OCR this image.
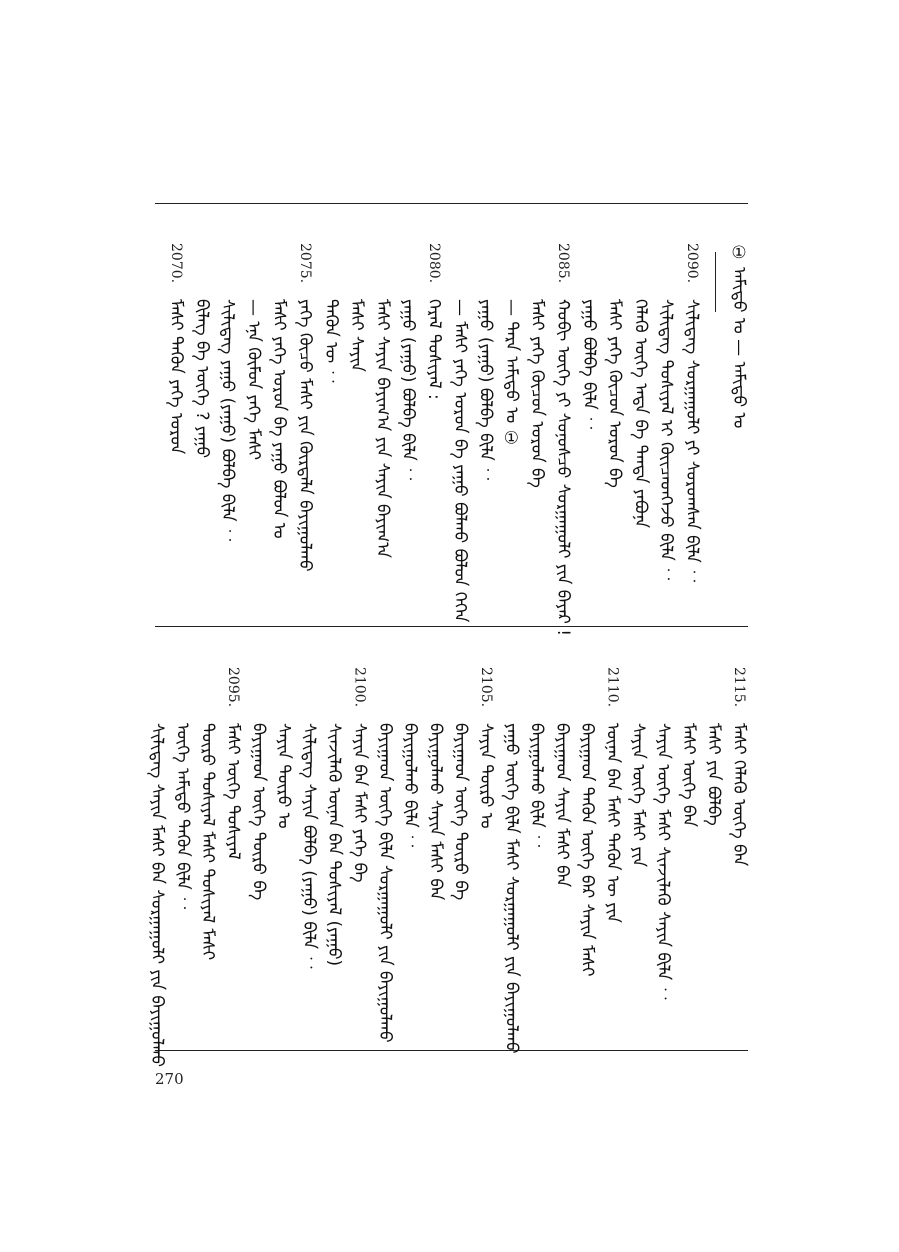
①
ᠠᠮᠢᠳᠤ ᠤ — ᠠᠮᠢᠳᠤ ᠤ
2090.
ᠰᠢᠯᠢᠳᠡᠭ ᠰᠤᠷᠭᠠᠭᠤᠯᠢ ᠶᠢ ᠰᠤᠷᠤᠭᠰᠠᠨ ᠪᠢᠯᠡ ︰
ᠰᠢᠯᠢᠳᠡᠭ ᠲᠤᠰᠢᠶᠠᠯ ᠢ ᠭᠦᠢᠴᠡᠳᠬᠡᠵᠦ ᠪᠢᠯᠡ ︰
ᠬᠡᠯᠡᠬᠦ ᠦᠭᠡ ᠡᠨᠳᠡ ᠪᠠ ᠲᠡᠨᠳᠡ ᠶᠠᠪᠤᠨᠠ
ᠮᠠᠰᠢ ᠶᠡᠬᠡ ᠬᠦᠴᠦᠨ ᠣᠷᠣᠨ ᠪᠠ
ᠶᠠᠭᠤ ᠪᠣᠯᠪᠠ ᠪᠢᠯᠡ ︰
2085.
ᠬᠤᠪᠢ ᠦᠭᠡ ᠶᠢ ᠰᠣᠨᠣᠰᠴᠤ ᠰᠤᠷᠭᠠᠭᠤᠯᠢ ᠶᠢᠨ ᠪᠠᠶᠠᠷ !
ᠮᠠᠰᠢ ᠶᠡᠬᠡ ᠬᠦᠴᠦᠨ ᠣᠷᠣᠨ ᠪᠠ
— ᠲᠡᠷᠡ ᠠᠮᠢᠳᠤ ᠤ ①
ᠶᠠᠭᠤ (ᠶᠠᠭᠤ) ᠪᠣᠯᠪᠠ ᠪᠢᠯᠡ ︰
— ᠮᠠᠰᠢ ᠶᠡᠬᠡ ᠣᠷᠣᠨ ᠪᠠ ᠶᠠᠭᠤ ᠪᠣᠯᠬᠤ ᠪᠣᠯᠤᠨ ᠭᠡᠭᠡᠨ
2080.
ᠭᠡᠷᠡᠯ ᠲᠤᠰᠢᠶᠠᠯ :
ᠶᠠᠭᠤ (ᠶᠠᠭᠤ) ᠪᠣᠯᠪᠠ ᠪᠢᠯᠡ ︰
ᠮᠠᠰᠢ ᠰᠠᠶᠢᠨ ᠪᠠᠶᠢᠭ᠎ᠠ ᠶᠢᠨ ᠰᠠᠶᠢᠨ ᠪᠠᠶᠢᠭ᠎ᠠ
ᠮᠠᠰᠢ ᠰᠠᠶᠢᠨ
ᠲᠡᠭᠦᠨ ᠦ ︰
2075.
ᠶᠡᠬᠡ ᠬᠦᠴᠦ ᠮᠠᠰᠢ ᠶᠢᠨ ᠬᠦᠷᠲᠡᠯᠡ ᠪᠠᠶᠢᠭᠤᠯᠬᠤ
ᠮᠠᠰᠢ ᠶᠡᠬᠡ ᠣᠷᠣᠨ ᠪᠠ ᠶᠠᠭᠤ ᠪᠣᠯᠤᠨ ᠤ
— ᠡᠨᠡ ᠬᠦᠮᠦᠨ ᠶᠡᠬᠡ ᠮᠠᠰᠢ
ᠰᠢᠯᠢᠳᠡᠭ ᠶᠠᠭᠤ (ᠶᠠᠭᠤ) ᠪᠣᠯᠪᠠ ᠪᠢᠯᠡ ︰
ᠪᠢᠯᠡᠭ ᠪᠡ ᠦᠭᠡ ? ᠶᠠᠭᠤ
2070.
ᠮᠠᠰᠢ ᠲᠡᠭᠦᠨ ᠶᠡᠬᠡ ᠣᠷᠣᠨ
2115.
ᠮᠠᠰᠢ ᠬᠡᠯᠡᠬᠦ ᠦᠭᠡ ᠪᠠᠨ
ᠮᠠᠰᠢ ᠶᠢᠨ ᠪᠣᠯᠪᠠ
ᠮᠠᠰᠢ ᠦᠭᠡ ᠪᠠᠨ
ᠰᠠᠶᠢᠨ ᠦᠭᠡ ᠮᠠᠰᠢ ᠰᠢᠨᠵᠢᠯᠡᠬᠦ ᠰᠠᠶᠢᠨ ᠪᠢᠯᠡ ︰
ᠰᠠᠶᠢᠨ ᠦᠭᠡ ᠮᠠᠰᠢ ᠶᠢᠨ
2110.
ᠦᠨᠡᠨ ᠪᠠᠨ ᠮᠠᠰᠢ ᠲᠡᠭᠦᠨ ᠦ ᠶᠢᠨ
ᠪᠠᠶᠢᠭᠠᠳ ᠲᠡᠭᠦᠨ ᠦᠭᠡ ᠪᠡᠷ ᠰᠠᠶᠢᠨ ᠮᠠᠰᠢ
ᠪᠠᠶᠢᠭᠠᠳ ᠰᠠᠶᠢᠨ ᠮᠠᠰᠢ ᠪᠠᠨ
ᠪᠠᠶᠢᠭᠤᠯᠬᠤ ᠪᠢᠯᠡ ︰
ᠶᠠᠭᠤ ᠦᠭᠡ ᠪᠢᠯᠡ ᠮᠠᠰᠢ ᠰᠤᠷᠭᠠᠭᠤᠯᠢ ᠶᠢᠨ ᠪᠠᠶᠢᠭᠤᠯᠬᠤ
2105.
ᠰᠠᠶᠢᠨ ᠲᠦᠷᠦ ᠤ
ᠪᠠᠶᠢᠭᠠᠳ ᠦᠭᠡ ᠲᠦᠷᠦ ᠪᠠ
ᠪᠠᠶᠢᠭᠤᠯᠬᠤ ᠰᠠᠶᠢᠨ ᠮᠠᠰᠢ ᠪᠠᠨ
ᠪᠠᠶᠢᠭᠤᠯᠬᠤ ᠪᠢᠯᠡ ︰
ᠪᠠᠶᠢᠭᠠᠳ ᠦᠭᠡ ᠪᠢᠯᠡ ᠰᠤᠷᠭᠠᠭᠤᠯᠢ ᠶᠢᠨ ᠪᠠᠶᠢᠭᠤᠯᠬᠤ
2100.
ᠰᠠᠶᠢᠨ ᠪᠠᠨ ᠮᠠᠰᠢ ᠶᠡᠬᠡ ᠪᠠ
ᠰᠢᠨᠵᠢᠯᠡᠬᠦ ᠦᠨᠡᠨ ᠪᠠᠨ ᠲᠤᠰᠢᠶᠠᠯ (ᠶᠠᠭᠤ)
ᠰᠢᠯᠢᠳᠡᠭ ᠰᠠᠶᠢᠨ ᠪᠣᠯᠪᠠ (ᠶᠠᠭᠤ) ᠪᠢᠯᠡ ︰
ᠰᠠᠶᠢᠨ ᠲᠦᠷᠦ ᠤ
ᠪᠠᠶᠢᠭᠠᠳ ᠦᠭᠡ ᠲᠦᠷᠦ ᠪᠠ
2095.
ᠮᠠᠰᠢ ᠦᠭᠡ ᠲᠤᠰᠢᠶᠠᠯ
ᠲᠦᠷᠦ ᠲᠤᠰᠢᠶᠠᠯ ᠮᠠᠰᠢ ᠲᠤᠰᠢᠶᠠᠯ ᠮᠠᠰᠢ
ᠦᠭᠡ ᠠᠮᠢᠳᠤ ᠲᠡᠭᠦᠨ ᠪᠢᠯᠡ ︰
ᠰᠢᠯᠢᠳᠡᠭ ᠰᠠᠶᠢᠨ ᠮᠠᠰᠢ ᠪᠠᠨ ᠰᠤᠷᠭᠠᠭᠤᠯᠢ ᠶᠢᠨ ᠪᠠᠶᠢᠭᠤᠯᠬᠤ
270
